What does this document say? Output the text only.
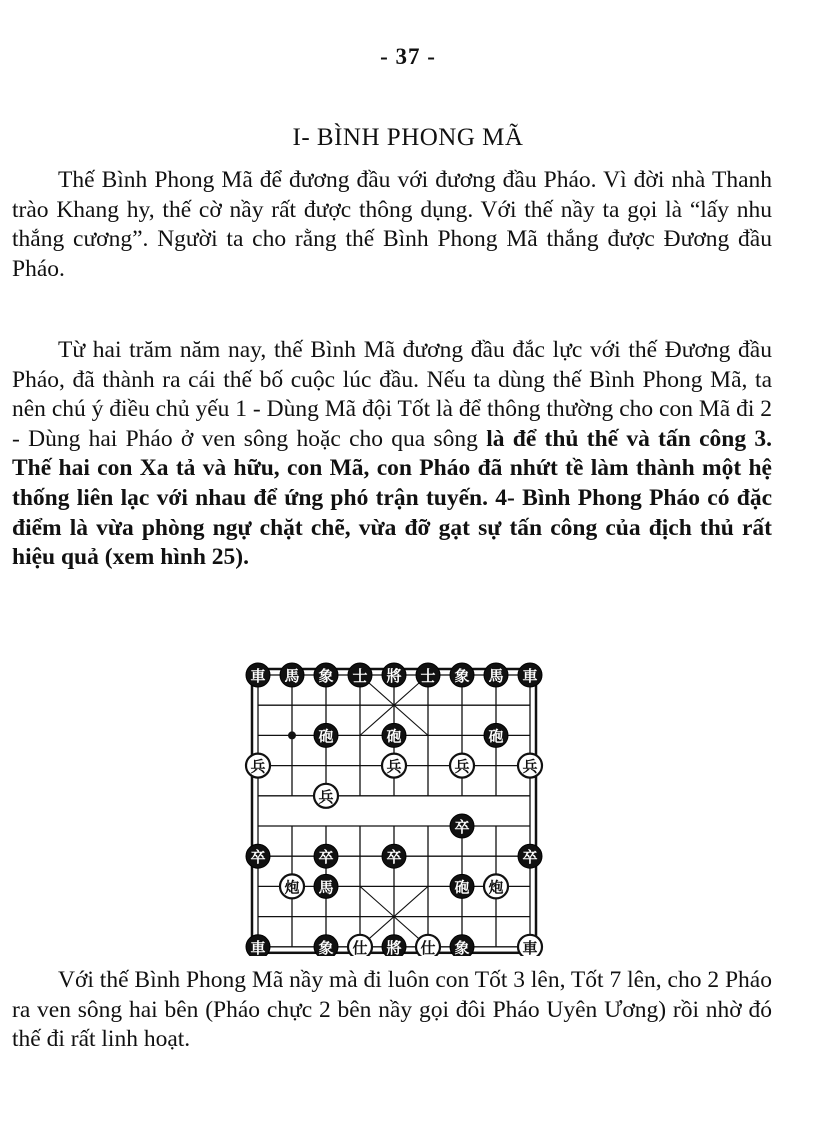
- 37 -
I- BÌNH PHONG MÃ

Thế Bình Phong Mã để đương đầu với đương đầu Pháo. Vì đời nhà Thanh trào Khang hy, thế cờ nầy rất được thông dụng. Với thế nầy ta gọi là “lấy nhu thắng cương”. Người ta cho rằng thế Bình Phong Mã thắng được Đương đầu Pháo.

Từ hai trăm năm nay, thế Bình Mã đương đầu đắc lực với thế Đương đầu Pháo, đã thành ra cái thế bố cuộc lúc đầu. Nếu ta dùng thế Bình Phong Mã, ta nên chú ý điều chủ yếu 1 - Dùng Mã đội Tốt là để thông thường cho con Mã đi 2 - Dùng hai Pháo ở ven sông hoặc cho qua sông là để thủ thế và tấn công 3. Thế hai con Xa tả và hữu, con Mã, con Pháo đã nhứt tề làm thành một hệ thống liên lạc với nhau để ứng phó trận tuyến. 4- Bình Phong Pháo có đặc điểm là vừa phòng ngự chặt chẽ, vừa đỡ gạt sự tấn công của địch thủ rất hiệu quả (xem hình 25).

車 馬 象 士 將 士 象 馬 車
砲	砲	砲
卒
卒	卒	卒	卒
馬	砲
車	象	將	象
兵
兵
兵	兵	兵
炮	炮
仕	仕	車

Với thế Bình Phong Mã nầy mà đi luôn con Tốt 3 lên, Tốt 7 lên, cho 2 Pháo ra ven sông hai bên (Pháo chực 2 bên nầy gọi đôi Pháo Uyên Ương) rồi nhờ đó thế đi rất linh hoạt.
